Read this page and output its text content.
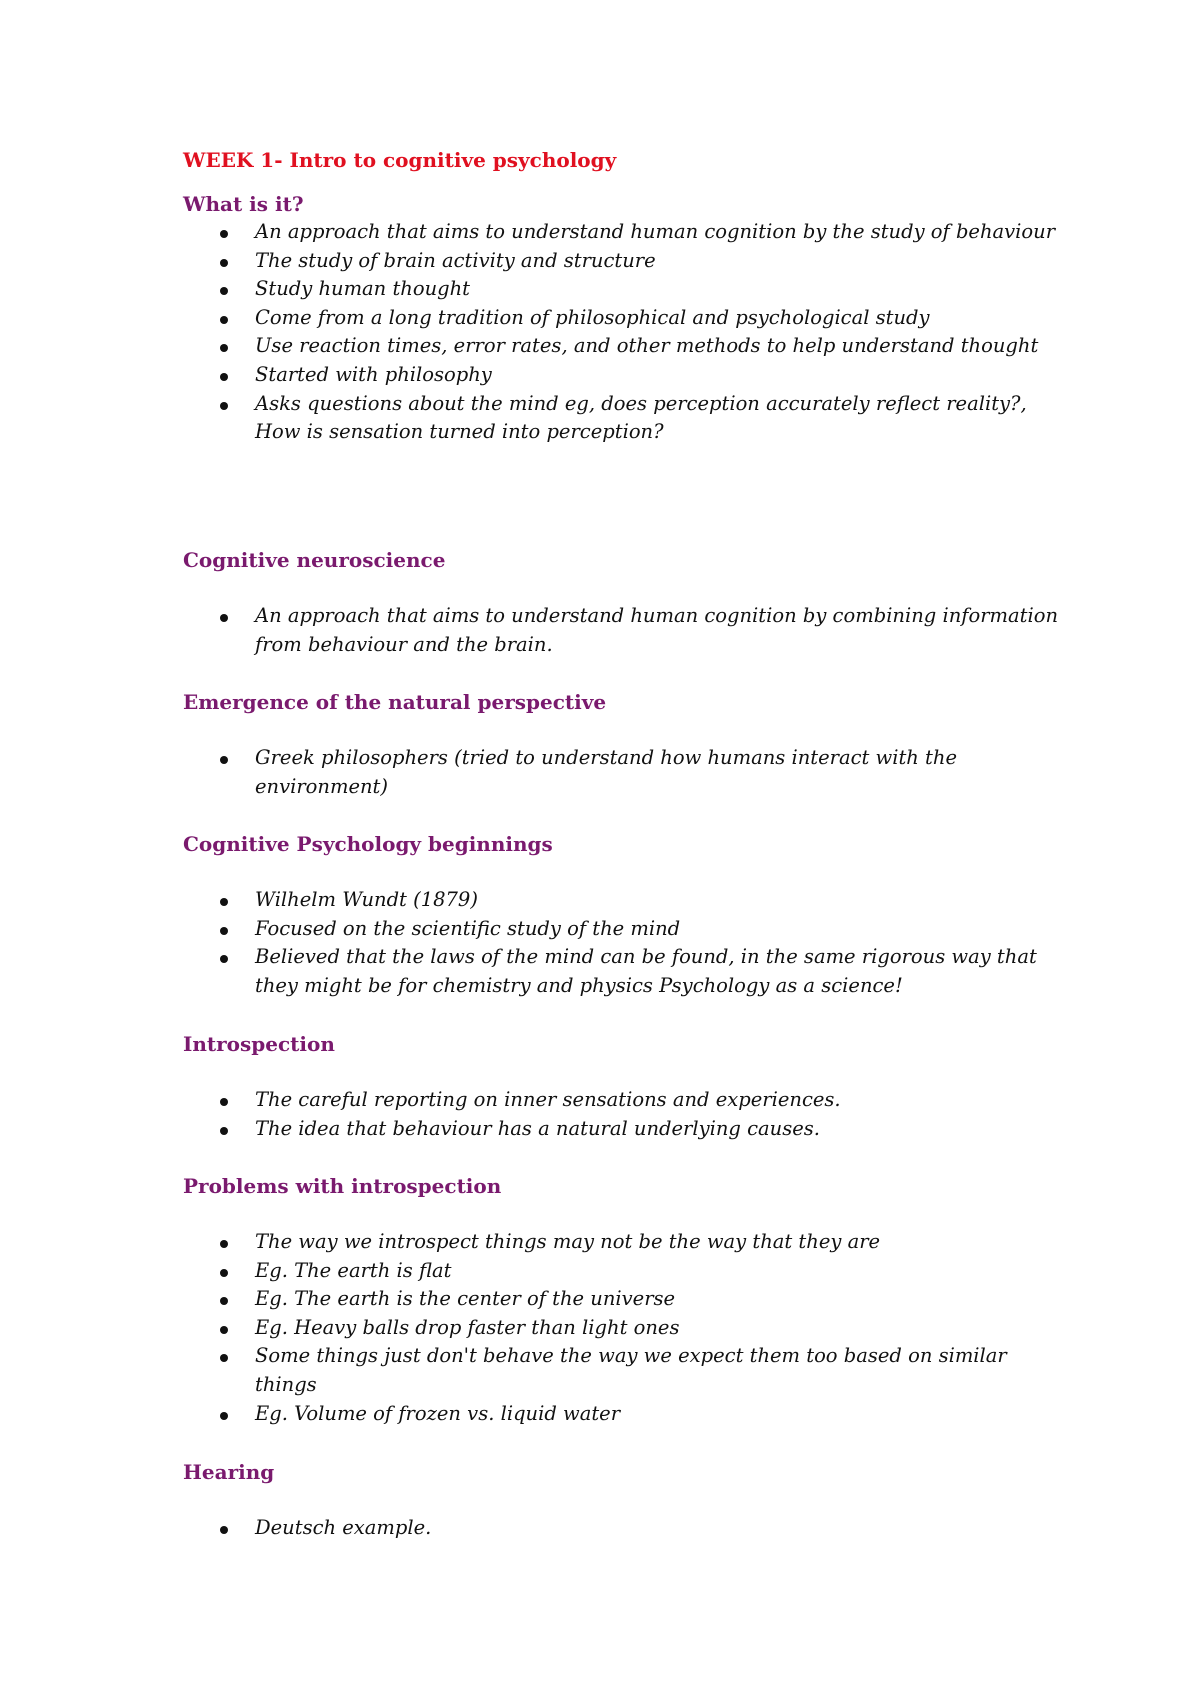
WEEK 1- Intro to cognitive psychology
What is it?
An approach that aims to understand human cognition by the study of behaviour
The study of brain activity and structure
Study human thought
Come from a long tradition of philosophical and psychological study
Use reaction times, error rates, and other methods to help understand thought
Started with philosophy
Asks questions about the mind eg, does perception accurately reflect reality?, How is sensation turned into perception?
Cognitive neuroscience
An approach that aims to understand human cognition by combining information from behaviour and the brain.
Emergence of the natural perspective
Greek philosophers (tried to understand how humans interact with the environment)
Cognitive Psychology beginnings
Wilhelm Wundt (1879)
Focused on the scientific study of the mind
Believed that the laws of the mind can be found, in the same rigorous way that they might be for chemistry and physics Psychology as a science!
Introspection
The careful reporting on inner sensations and experiences.
The idea that behaviour has a natural underlying causes.
Problems with introspection
The way we introspect things may not be the way that they are
Eg. The earth is flat
Eg. The earth is the center of the universe
Eg. Heavy balls drop faster than light ones
Some things just don't behave the way we expect them too based on similar things
Eg. Volume of frozen vs. liquid water
Hearing
Deutsch example.
